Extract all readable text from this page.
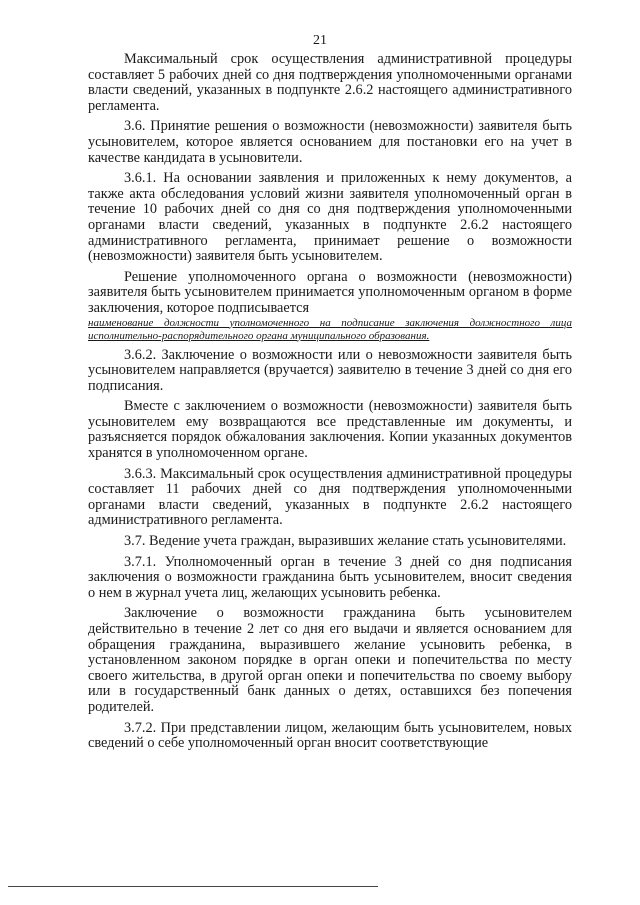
21

Максимальный срок осуществления административной процедуры составляет 5 рабочих дней со дня подтверждения уполномоченными органами власти сведений, указанных в подпункте 2.6.2 настоящего административного регламента.

3.6. Принятие решения о возможности (невозможности) заявителя быть усыновителем, которое является основанием для постановки его на учет в качестве кандидата в усыновители.

3.6.1. На основании заявления и приложенных к нему документов, а также акта обследования условий жизни заявителя уполномоченный орган в течение 10 рабочих дней со дня со дня подтверждения уполномоченными органами власти сведений, указанных в подпункте 2.6.2 настоящего административного регламента, принимает решение о возможности (невозможности) заявителя быть усыновителем.

Решение уполномоченного органа о возможности (невозможности) заявителя быть усыновителем принимается уполномоченным органом в форме заключения, которое подписывается

наименование должности уполномоченного на подписание заключения должностного лица исполнительно-распорядительного органа муниципального образования.

3.6.2. Заключение о возможности или о невозможности заявителя быть усыновителем направляется (вручается) заявителю в течение 3 дней со дня его подписания.

Вместе с заключением о возможности (невозможности) заявителя быть усыновителем ему возвращаются все представленные им документы, и разъясняется порядок обжалования заключения. Копии указанных документов хранятся в уполномоченном органе.

3.6.3. Максимальный срок осуществления административной процедуры составляет 11 рабочих дней со дня подтверждения уполномоченными органами власти сведений, указанных в подпункте 2.6.2 настоящего административного регламента.

3.7. Ведение учета граждан, выразивших желание стать усыновителями.

3.7.1. Уполномоченный орган в течение 3 дней со дня подписания заключения о возможности гражданина быть усыновителем, вносит сведения о нем в журнал учета лиц, желающих усыновить ребенка.

Заключение о возможности гражданина быть усыновителем действительно в течение 2 лет со дня его выдачи и является основанием для обращения гражданина, выразившего желание усыновить ребенка, в установленном законом порядке в орган опеки и попечительства по месту своего жительства, в другой орган опеки и попечительства по своему выбору или в государственный банк данных о детях, оставшихся без попечения родителей.

3.7.2. При представлении лицом, желающим быть усыновителем, новых сведений о себе уполномоченный орган вносит соответствующие
